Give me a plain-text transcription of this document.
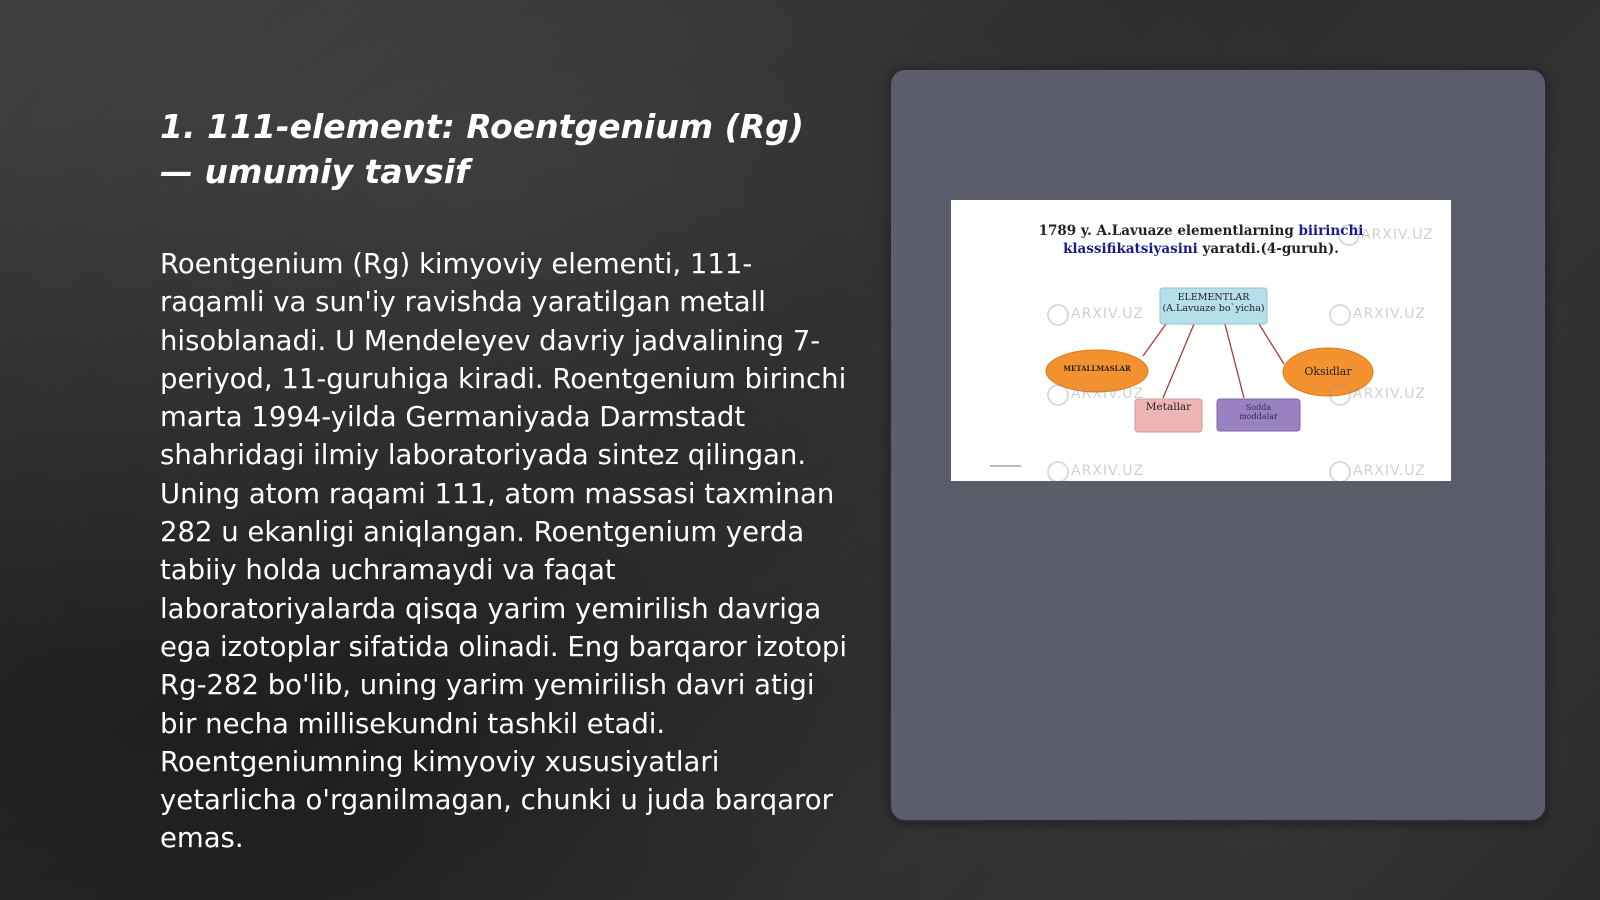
1. 111-element: Roentgenium (Rg) — umumiy tavsif

Roentgenium (Rg) kimyoviy elementi, 111-raqamli va sun'iy ravishda yaratilgan metall hisoblanadi. U Mendeleyev davriy jadvalining 7-periyod, 11-guruhiga kiradi. Roentgenium birinchi marta 1994-yilda Germaniyada Darmstadt shahridagi ilmiy laboratoriyada sintez qilingan. Uning atom raqami 111, atom massasi taxminan 282 u ekanligi aniqlangan. Roentgenium yerda tabiiy holda uchramaydi va faqat laboratoriyalarda qisqa yarim yemirilish davriga ega izotoplar sifatida olinadi. Eng barqaror izotopi Rg-282 bo'lib, uning yarim yemirilish davri atigi bir necha millisekundni tashkil etadi. Roentgeniumning kimyoviy xususiyatlari yetarlicha o'rganilmagan, chunki u juda barqaror emas.

1789 y. A.Lavuaze elementlarning biirinchi
klassifikatsiyasini yaratdi.(4-guruh).
ELEMENTLAR
(A.Lavuaze bo`yicha)
METALLMASLAR	Oksidlar
Metallar	Sodda
moddalar
ARXIV.UZ	ARXIV.UZ
ARXIV.UZ	ARXIV.UZ
ARXIV.UZ	ARXIV.UZ
ARXIV.UZ
